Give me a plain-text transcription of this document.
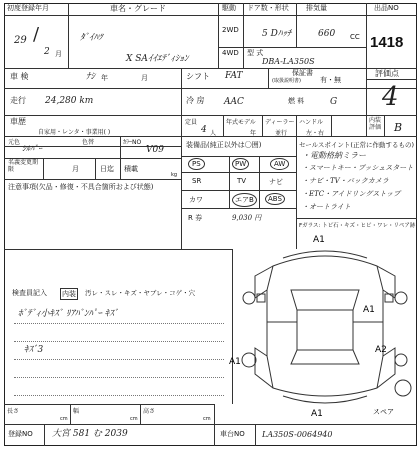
初度登録年月
29 /
2 月
車名・グレード
ﾀﾞｲﾊﾂ
X SAｲｲｴﾃﾞｨｼｮﾝ
駆動
2WD
4WD
ドア数・形状
5 Dﾊｯﾁ
排気量
660 CC
型 式
DBA-LA350S
出品NO
1418
車 検	ﾅｼ 年	月	シフト FAT	保証書
(取扱説明書)	有・無
評価点
4
走行 24,280 km	冷 房 AAC	燃 料	G
車歴
自家用・レンタ・事業用( )
定員
4 人
年式モデル
年
ディーラー
並行
ハンドル
左・右
内装評価 B
元色
ｼﾙﾊﾞｰ
色替	ｶﾗｰNO
V09
名義変更期限	月	日迄 積載
kg
注意事項(欠品・修復・不具合箇所および状態)
装備品(純正以外は〇囲)
PS	PW	AW
SR	TV	ナビ
カワ	エアB	ABS
R 券	9,030 円
セールスポイント(正常に作動するもの)
・電動格納ミラー
・スマートキー・プッシュスタート
・ナビ・TV・バックカメラ
・ETC・アイドリングストップ
・オートライト
Fガラス: トビ石・キズ・ヒビ・ワレ・リペア跡
検査員記入 内装	汚レ・スレ・キズ・ヤブレ・コゲ・穴
ﾎﾞﾃﾞｨ小ｷｽﾞ ﾘｱﾊﾞﾝﾊﾟｰ ｷｽﾞ
ｷｽﾞ3
A1
A1
A2
A1
A1	スペア
長さ
cm
幅
cm
高さ
cm
登録NO 大宮 581 む 2039	車台NO LA350S-0064940
